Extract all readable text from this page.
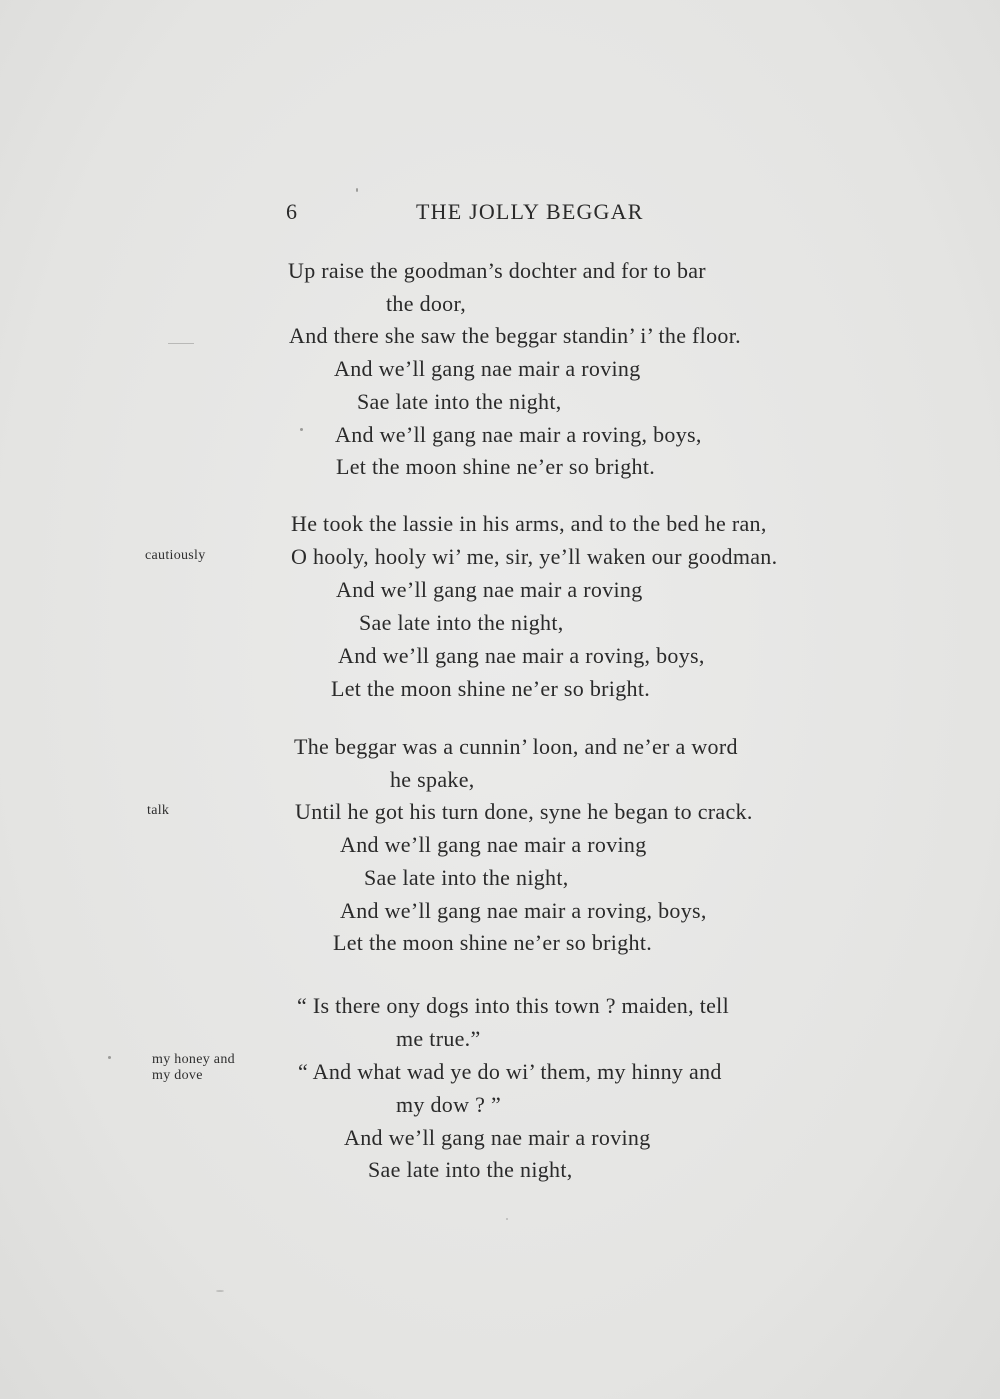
6	THE JOLLY BEGGAR
Up raise the goodman’s dochter and for to bar
the door,
And there she saw the beggar standin’ i’ the floor.
And we’ll gang nae mair a roving
Sae late into the night,
And we’ll gang nae mair a roving, boys,
Let the moon shine ne’er so bright.
He took the lassie in his arms, and to the bed he ran,
O hooly, hooly wi’ me, sir, ye’ll waken our goodman.
And we’ll gang nae mair a roving
Sae late into the night,
And we’ll gang nae mair a roving, boys,
Let the moon shine ne’er so bright.
The beggar was a cunnin’ loon, and ne’er a word
he spake,
Until he got his turn done, syne he began to crack.
And we’ll gang nae mair a roving
Sae late into the night,
And we’ll gang nae mair a roving, boys,
Let the moon shine ne’er so bright.
“ Is there ony dogs into this town ? maiden, tell
me true.”
“ And what wad ye do wi’ them, my hinny and
my dow ? ”
And we’ll gang nae mair a roving
Sae late into the night,
cautiously
talk
my honey and
my dove
